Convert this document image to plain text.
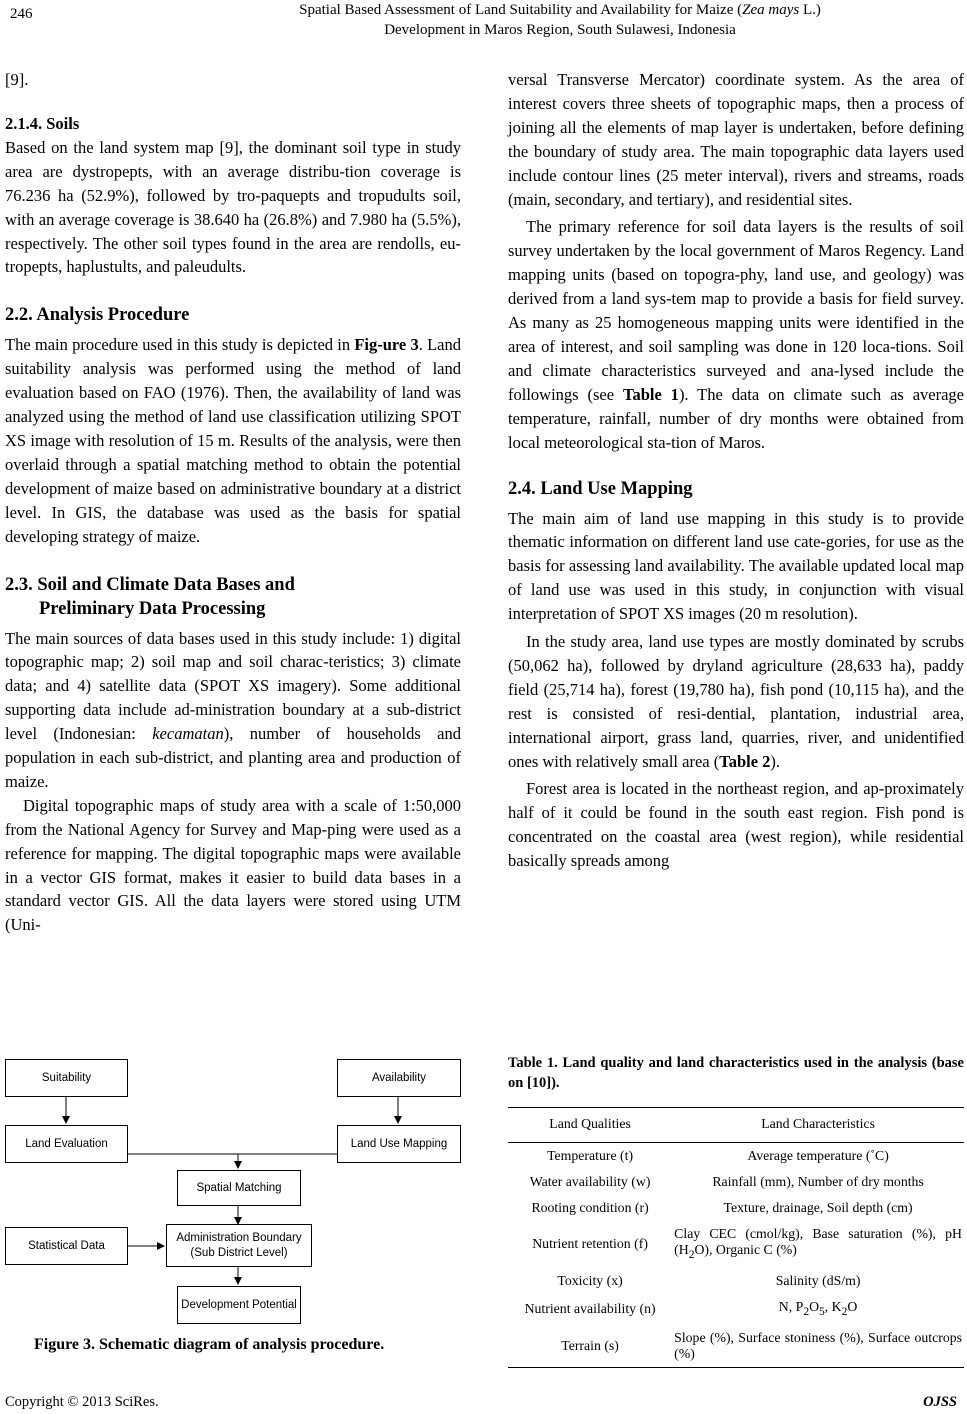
246	Spatial Based Assessment of Land Suitability and Availability for Maize (Zea mays L.)
Development in Maros Region, South Sulawesi, Indonesia

[9].

2.1.4. Soils

Based on the land system map [9], the dominant soil type in study area are dystropepts, with an average distribu-tion coverage is 76.236 ha (52.9%), followed by tro-paquepts and tropudults soil, with an average coverage is 38.640 ha (26.8%) and 7.980 ha (5.5%), respectively. The other soil types found in the area are rendolls, eu-tropepts, haplustults, and paleudults.

2.2. Analysis Procedure

The main procedure used in this study is depicted in Fig-ure 3. Land suitability analysis was performed using the method of land evaluation based on FAO (1976). Then, the availability of land was analyzed using the method of land use classification utilizing SPOT XS image with resolution of 15 m. Results of the analysis, were then overlaid through a spatial matching method to obtain the potential development of maize based on administrative boundary at a district level. In GIS, the database was used as the basis for spatial developing strategy of maize.

2.3. Soil and Climate Data Bases and
Preliminary Data Processing

The main sources of data bases used in this study include: 1) digital topographic map; 2) soil map and soil charac-teristics; 3) climate data; and 4) satellite data (SPOT XS imagery). Some additional supporting data include ad-ministration boundary at a sub-district level (Indonesian: kecamatan), number of households and population in each sub-district, and planting area and production of maize.

Digital topographic maps of study area with a scale of 1:50,000 from the National Agency for Survey and Map-ping were used as a reference for mapping. The digital topographic maps were available in a vector GIS format, makes it easier to build data bases in a standard vector GIS. All the data layers were stored using UTM (Uni-

versal Transverse Mercator) coordinate system. As the area of interest covers three sheets of topographic maps, then a process of joining all the elements of map layer is undertaken, before defining the boundary of study area. The main topographic data layers used include contour lines (25 meter interval), rivers and streams, roads (main, secondary, and tertiary), and residential sites.

The primary reference for soil data layers is the results of soil survey undertaken by the local government of Maros Regency. Land mapping units (based on topogra-phy, land use, and geology) was derived from a land sys-tem map to provide a basis for field survey. As many as 25 homogeneous mapping units were identified in the area of interest, and soil sampling was done in 120 loca-tions. Soil and climate characteristics surveyed and ana-lysed include the followings (see Table 1). The data on climate such as average temperature, rainfall, number of dry months were obtained from local meteorological sta-tion of Maros.

2.4. Land Use Mapping

The main aim of land use mapping in this study is to provide thematic information on different land use cate-gories, for use as the basis for assessing land availability. The available updated local map of land use was used in this study, in conjunction with visual interpretation of SPOT XS images (20 m resolution).

In the study area, land use types are mostly dominated by scrubs (50,062 ha), followed by dryland agriculture (28,633 ha), paddy field (25,714 ha), forest (19,780 ha), fish pond (10,115 ha), and the rest is consisted of resi-dential, plantation, industrial area, international airport, grass land, quarries, river, and unidentified ones with relatively small area (Table 2).

Forest area is located in the northeast region, and ap-proximately half of it could be found in the south east region. Fish pond is concentrated on the coastal area (west region), while residential basically spreads among

Suitability	Availability
Land Evaluation	Land Use Mapping
Spatial Matching
Statistical Data
Administration Boundary
(Sub District Level)
Development Potential
Figure 3. Schematic diagram of analysis procedure.
Table 1. Land quality and land characteristics used in the analysis (base on [10]).
Land Qualities	Land Characteristics
Temperature (t)	Average temperature (˚C)
Water availability (w)	Rainfall (mm), Number of dry months
Rooting condition (r)	Texture, drainage, Soil depth (cm)
Nutrient retention (f)	Clay CEC (cmol/kg), Base saturation (%), pH $(H_2O)$, Organic C (%)
Toxicity (x)	Salinity (dS/m)
Nutrient availability (n)	N, $P_2O_5$, $K_2O$
Terrain (s)	Slope (%), Surface stoniness (%), Surface outcrops (%)
Copyright © 2013 SciRes.	OJSS
